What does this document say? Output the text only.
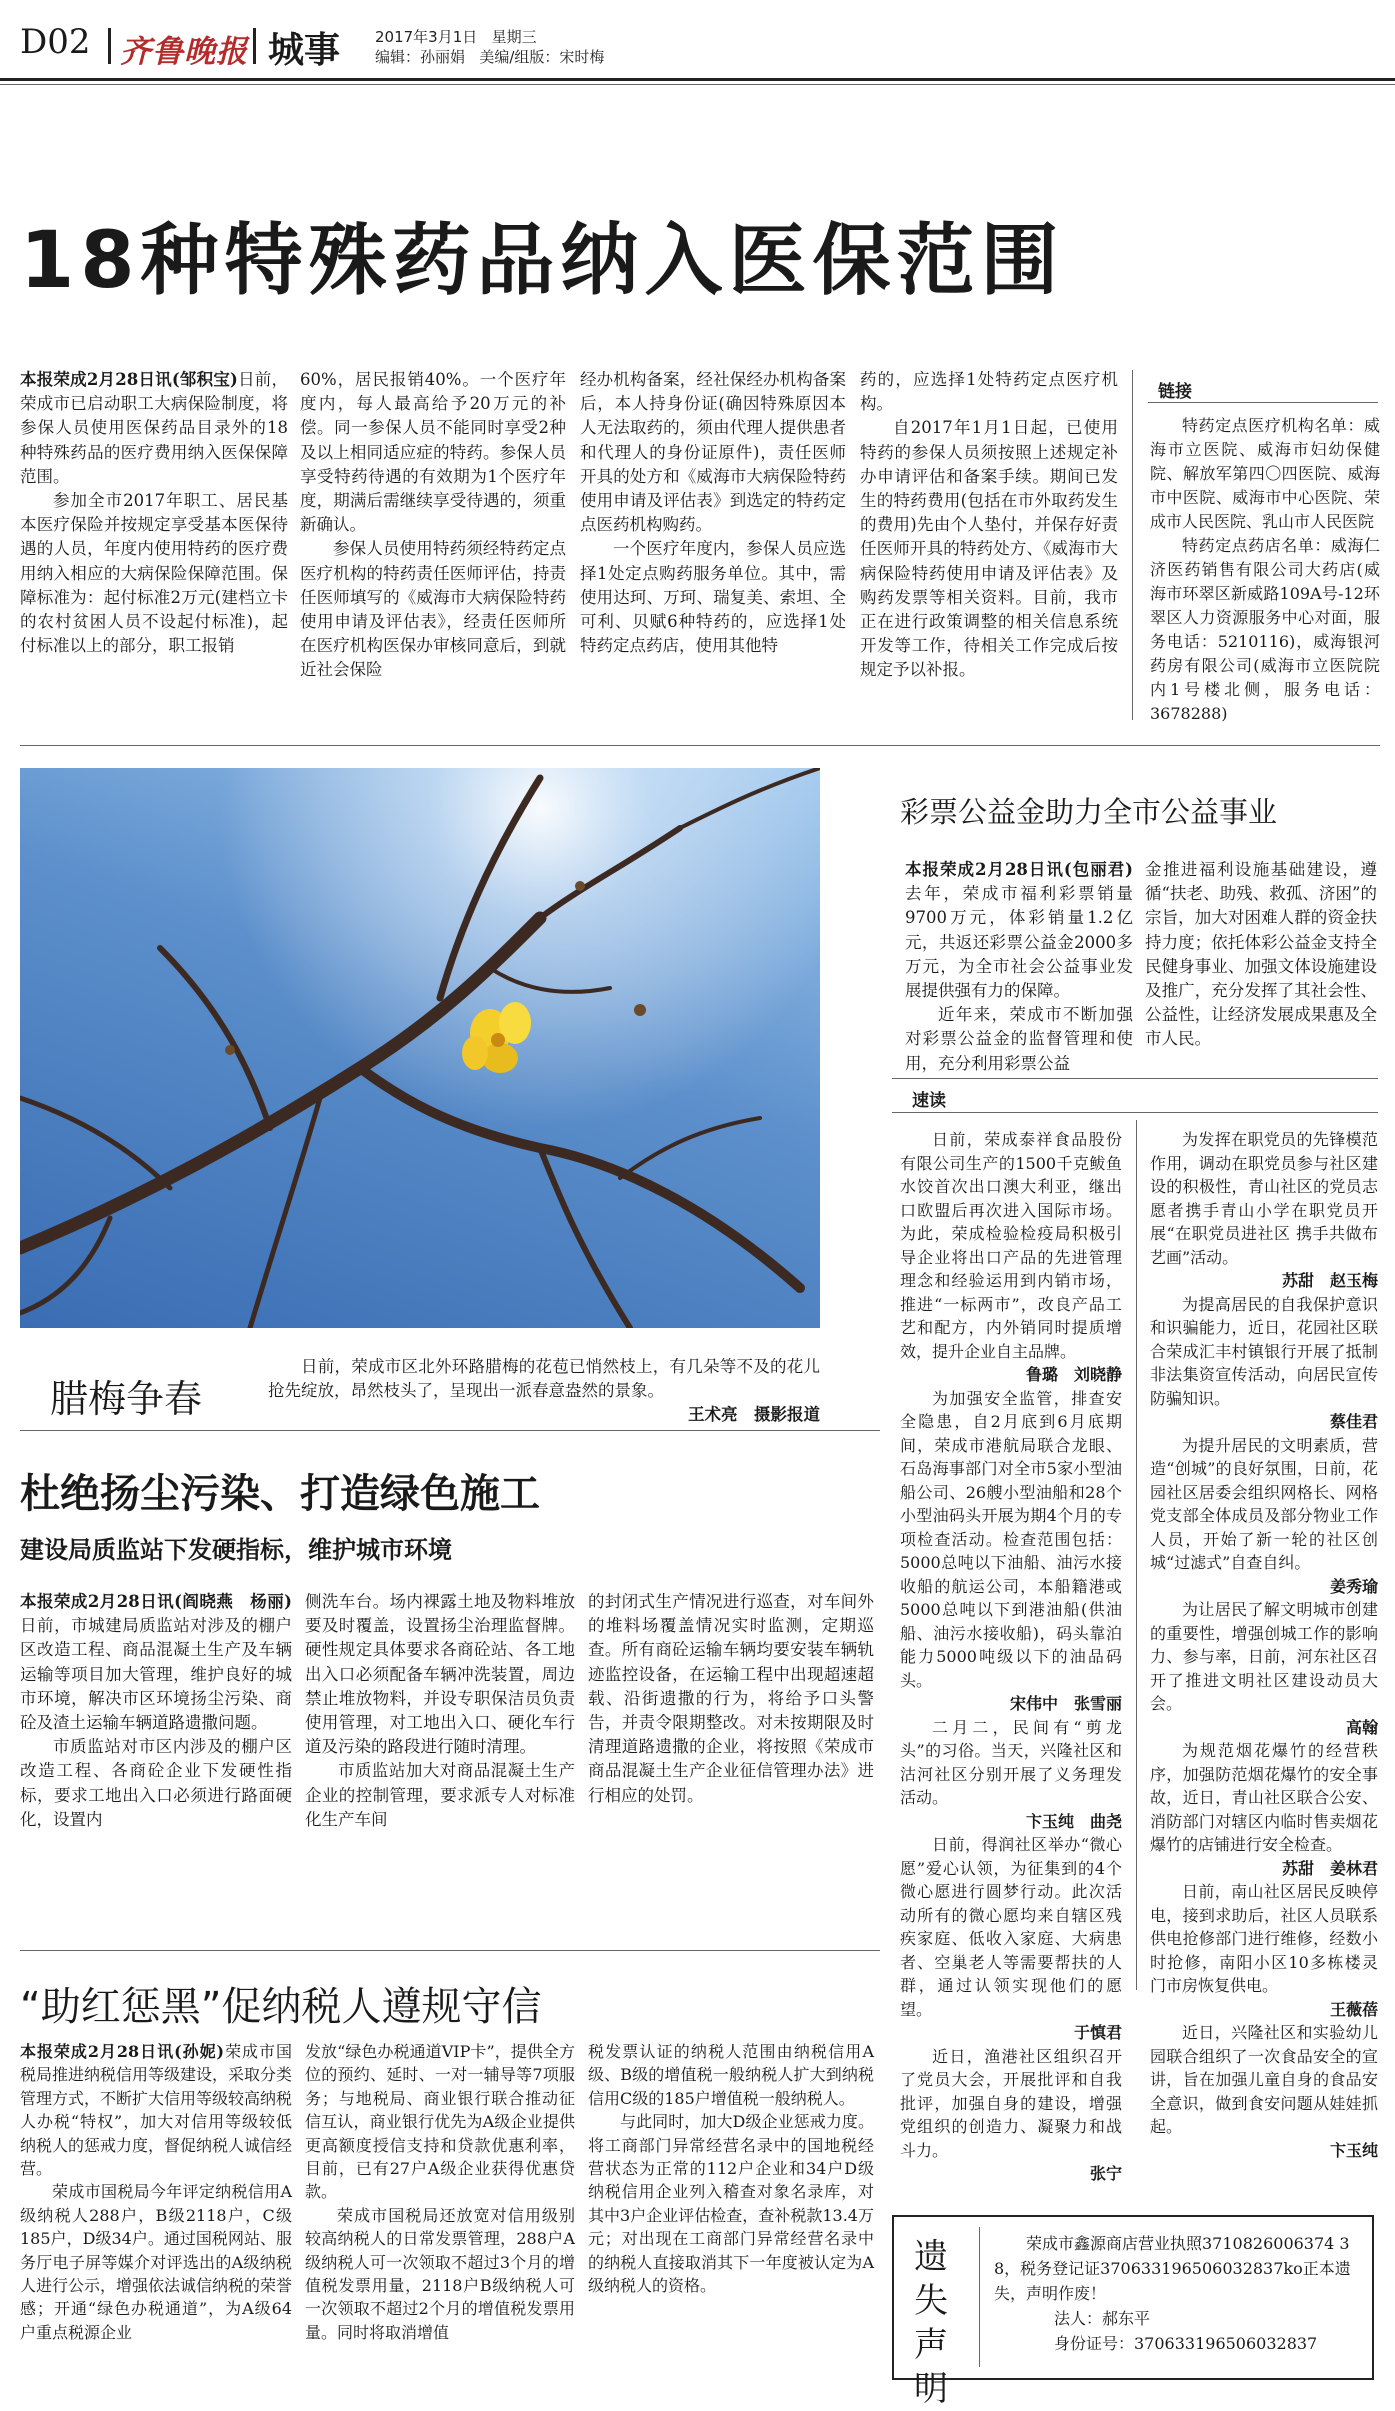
D02 齐鲁晚报 城事 2017年3月1日 星期三
编辑：孙丽娟 美编/组版：宋时梅
18种特殊药品纳入医保范围

本报荣成2月28日讯(邹积宝)日前，荣成市已启动职工大病保险制度，将参保人员使用医保药品目录外的18种特殊药品的医疗费用纳入医保保障范围。

参加全市2017年职工、居民基本医疗保险并按规定享受基本医保待遇的人员，年度内使用特药的医疗费用纳入相应的大病保险保障范围。保障标准为：起付标准2万元(建档立卡的农村贫困人员不设起付标准)，起付标准以上的部分，职工报销

60%，居民报销40%。一个医疗年度内，每人最高给予20万元的补偿。同一参保人员不能同时享受2种及以上相同适应症的特药。参保人员享受特药待遇的有效期为1个医疗年度，期满后需继续享受待遇的，须重新确认。

参保人员使用特药须经特药定点医疗机构的特药责任医师评估，持责任医师填写的《威海市大病保险特药使用申请及评估表》，经责任医师所在医疗机构医保办审核同意后，到就近社会保险

经办机构备案，经社保经办机构备案后，本人持身份证(确因特殊原因本人无法取药的，须由代理人提供患者和代理人的身份证原件)，责任医师开具的处方和《威海市大病保险特药使用申请及评估表》到选定的特药定点医药机构购药。

一个医疗年度内，参保人员应选择1处定点购药服务单位。其中，需使用达珂、万珂、瑞复美、索坦、全可利、贝赋6种特药的，应选择1处特药定点药店，使用其他特

药的，应选择1处特药定点医疗机构。

自2017年1月1日起，已使用特药的参保人员须按照上述规定补办申请评估和备案手续。期间已发生的特药费用(包括在市外取药发生的费用)先由个人垫付，并保存好责任医师开具的特药处方、《威海市大病保险特药使用申请及评估表》及购药发票等相关资料。目前，我市正在进行政策调整的相关信息系统开发等工作，待相关工作完成后按规定予以补报。

链接

特药定点医疗机构名单：威海市立医院、威海市妇幼保健院、解放军第四〇四医院、威海市中医院、威海市中心医院、荣成市人民医院、乳山市人民医院

特药定点药店名单：威海仁济医药销售有限公司大药店(威海市环翠区新威路109A号-12环翠区人力资源服务中心对面，服务电话：5210116)，威海银河药房有限公司(威海市立医院院内1号楼北侧，服务电话：3678288)

腊梅争春

日前，荣成市区北外环路腊梅的花苞已悄然枝上，有几朵等不及的花儿抢先绽放，昂然枝头了，呈现出一派春意盎然的景象。

王术亮　摄影报道

彩票公益金助力全市公益事业

本报荣成2月28日讯(包丽君)去年，荣成市福利彩票销量9700万元，体彩销量1.2亿元，共返还彩票公益金2000多万元，为全市社会公益事业发展提供强有力的保障。

近年来，荣成市不断加强对彩票公益金的监督管理和使用，充分利用彩票公益

金推进福利设施基础建设，遵循“扶老、助残、救孤、济困”的宗旨，加大对困难人群的资金扶持力度；依托体彩公益金支持全民健身事业、加强文体设施建设及推广，充分发挥了其社会性、公益性，让经济发展成果惠及全市人民。

速读

日前，荣成泰祥食品股份有限公司生产的1500千克鲅鱼水饺首次出口澳大利亚，继出口欧盟后再次进入国际市场。为此，荣成检验检疫局积极引导企业将出口产品的先进管理理念和经验运用到内销市场，推进“一标两市”，改良产品工艺和配方，内外销同时提质增效，提升企业自主品牌。

鲁璐　刘晓静

为加强安全监管，排查安全隐患，自2月底到6月底期间，荣成市港航局联合龙眼、石岛海事部门对全市5家小型油船公司、26艘小型油船和28个小型油码头开展为期4个月的专项检查活动。检查范围包括：5000总吨以下油船、油污水接收船的航运公司，本船籍港或5000总吨以下到港油船(供油船、油污水接收船)，码头靠泊能力5000吨级以下的油品码头。

宋伟中　张雪丽

二月二，民间有“剪龙头”的习俗。当天，兴隆社区和沽河社区分别开展了义务理发活动。

卞玉纯　曲尧

日前，得润社区举办“微心愿”爱心认领，为征集到的4个微心愿进行圆梦行动。此次活动所有的微心愿均来自辖区残疾家庭、低收入家庭、大病患者、空巢老人等需要帮扶的人群，通过认领实现他们的愿望。

于慎君

近日，渔港社区组织召开了党员大会，开展批评和自我批评，加强自身的建设，增强党组织的创造力、凝聚力和战斗力。

张宁

为发挥在职党员的先锋模范作用，调动在职党员参与社区建设的积极性，青山社区的党员志愿者携手青山小学在职党员开展“在职党员进社区 携手共做布艺画”活动。

苏甜　赵玉梅

为提高居民的自我保护意识和识骗能力，近日，花园社区联合荣成汇丰村镇银行开展了抵制非法集资宣传活动，向居民宣传防骗知识。

蔡佳君

为提升居民的文明素质，营造“创城”的良好氛围，日前，花园社区居委会组织网格长、网格党支部全体成员及部分物业工作人员，开始了新一轮的社区创城“过滤式”自查自纠。

姜秀瑜

为让居民了解文明城市创建的重要性，增强创城工作的影响力、参与率，日前，河东社区召开了推进文明社区建设动员大会。

高翰

为规范烟花爆竹的经营秩序，加强防范烟花爆竹的安全事故，近日，青山社区联合公安、消防部门对辖区内临时售卖烟花爆竹的店铺进行安全检查。

苏甜　姜林君

日前，南山社区居民反映停电，接到求助后，社区人员联系供电抢修部门进行维修，经数小时抢修，南阳小区10多栋楼灵门市房恢复供电。

王薇蓓

近日，兴隆社区和实验幼儿园联合组织了一次食品安全的宣讲，旨在加强儿童自身的食品安全意识，做到食安问题从娃娃抓起。

卞玉纯

杜绝扬尘污染、打造绿色施工
建设局质监站下发硬指标，维护城市环境

本报荣成2月28日讯(阎晓燕　杨丽)日前，市城建局质监站对涉及的棚户区改造工程、商品混凝土生产及车辆运输等项目加大管理，维护良好的城市环境，解决市区环境扬尘污染、商砼及渣土运输车辆道路遗撒问题。

市质监站对市区内涉及的棚户区改造工程、各商砼企业下发硬性指标，要求工地出入口必须进行路面硬化，设置内

侧洗车台。场内裸露土地及物料堆放要及时覆盖，设置扬尘治理监督牌。硬性规定具体要求各商砼站、各工地出入口必须配备车辆冲洗装置，周边禁止堆放物料，并设专职保洁员负责使用管理，对工地出入口、硬化车行道及污染的路段进行随时清理。

市质监站加大对商品混凝土生产企业的控制管理，要求派专人对标准化生产车间

的封闭式生产情况进行巡查，对车间外的堆料场覆盖情况实时监测，定期巡查。所有商砼运输车辆均要安装车辆轨迹监控设备，在运输工程中出现超速超载、沿街遗撒的行为，将给予口头警告，并责令限期整改。对未按期限及时清理道路遗撒的企业，将按照《荣成市商品混凝土生产企业征信管理办法》进行相应的处罚。

“助红惩黑”促纳税人遵规守信

本报荣成2月28日讯(孙妮)荣成市国税局推进纳税信用等级建设，采取分类管理方式，不断扩大信用等级较高纳税人办税“特权”，加大对信用等级较低纳税人的惩戒力度，督促纳税人诚信经营。

荣成市国税局今年评定纳税信用A级纳税人288户，B级2118户，C级185户，D级34户。通过国税网站、服务厅电子屏等媒介对评选出的A级纳税人进行公示，增强依法诚信纳税的荣誉感；开通“绿色办税通道”，为A级64户重点税源企业

发放“绿色办税通道VIP卡”，提供全方位的预约、延时、一对一辅导等7项服务；与地税局、商业银行联合推动征信互认，商业银行优先为A级企业提供更高额度授信支持和贷款优惠利率，目前，已有27户A级企业获得优惠贷款。

荣成市国税局还放宽对信用级别较高纳税人的日常发票管理，288户A级纳税人可一次领取不超过3个月的增值税发票用量，2118户B级纳税人可一次领取不超过2个月的增值税发票用量。同时将取消增值

税发票认证的纳税人范围由纳税信用A级、B级的增值税一般纳税人扩大到纳税信用C级的185户增值税一般纳税人。

与此同时，加大D级企业惩戒力度。将工商部门异常经营名录中的国地税经营状态为正常的112户企业和34户D级纳税信用企业列入稽查对象名录库，对其中3户企业评估检查，查补税款13.4万元；对出现在工商部门异常经营名录中的纳税人直接取消其下一年度被认定为A级纳税人的资格。

遗失声明
荣成市鑫源商店营业执照3710826006374 38，税务登记证370633196506032837ko正本遗失，声明作废！
法人：郝东平
身份证号：370633196506032837
